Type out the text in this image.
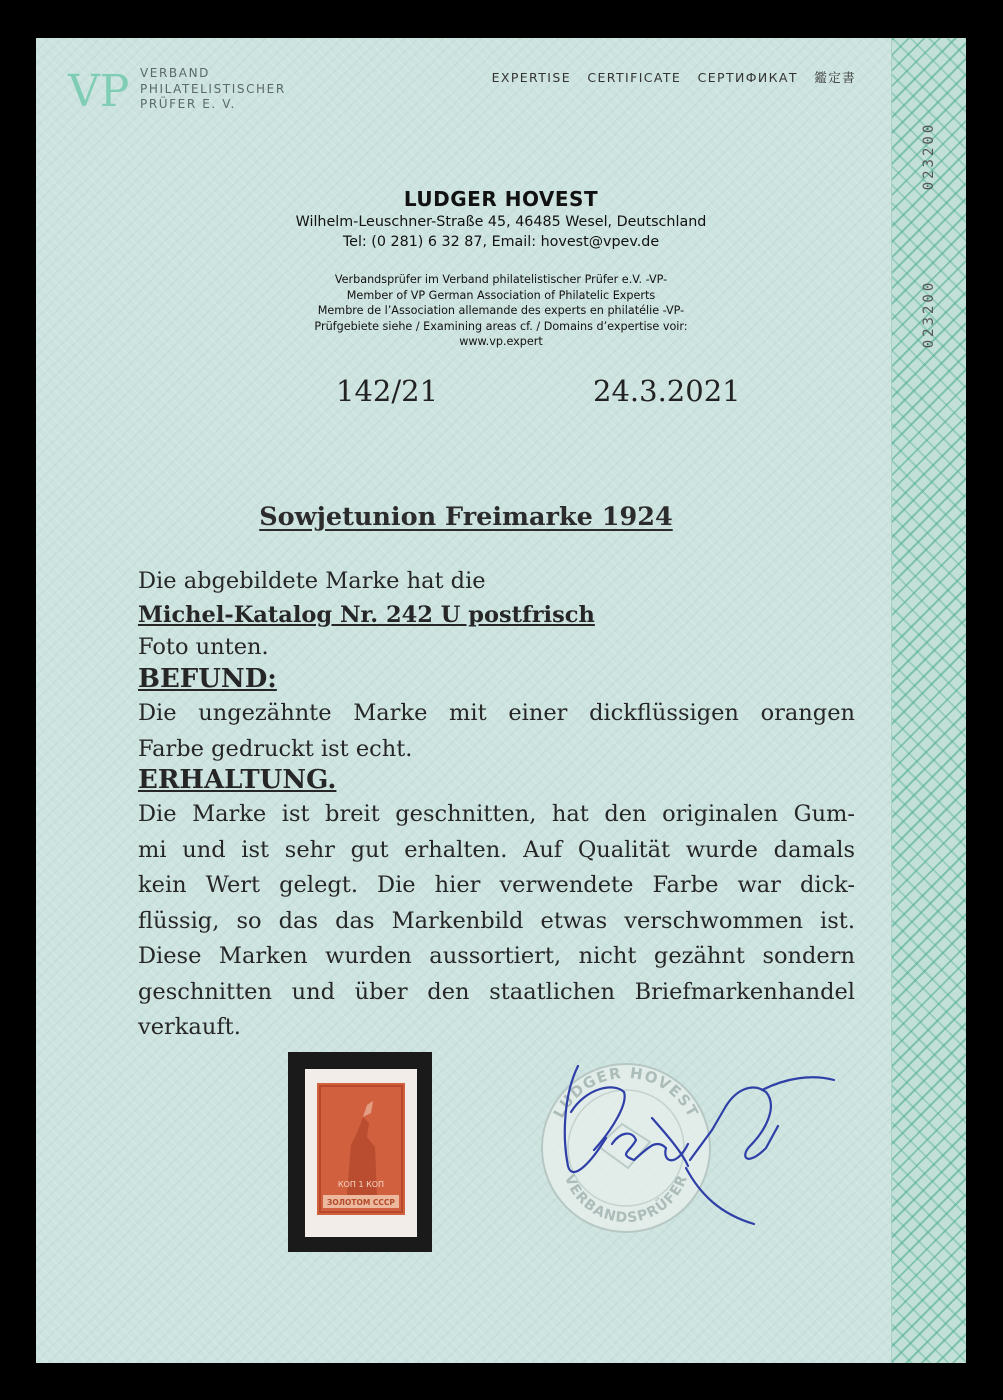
023200
023200
VP VERBAND
PHILATELISTISCHER
PRÜFER E. V.
EXPERTISE CERTIFICATE СЕРТИФИКАТ 鑑定書
LUDGER HOVEST
Wilhelm-Leuschner-Straße 45, 46485 Wesel, Deutschland
Tel: (0 281) 6 32 87, Email: hovest@vpev.de
Verbandsprüfer im Verband philatelistischer Prüfer e.V. -VP-
Member of VP German Association of Philatelic Experts
Membre de l’Association allemande des experts en philatélie -VP-
Prüfgebiete siehe / Examining areas cf. / Domains d’expertise voir:
www.vp.expert
142/21	24.3.2021
Sowjetunion Freimarke 1924
Die abgebildete Marke hat die
Michel-Katalog Nr. 242 U postfrisch
Foto unten.
BEFUND:
Die ungezähnte Marke mit einer dickflüssigen orangen
Farbe gedruckt ist echt.
ERHALTUNG.
Die Marke ist breit geschnitten, hat den originalen Gum-
mi und ist sehr gut erhalten. Auf Qualität wurde damals
kein Wert gelegt. Die hier verwendete Farbe war dick-
flüssig, so das das Markenbild etwas verschwommen ist.
Diese Marken wurden aussortiert, nicht gezähnt sondern
geschnitten und über den staatlichen Briefmarkenhandel
verkauft.
КОП 1 КОП
ЗОЛОТОМ СССР
LUDGER HOVEST
VERBANDSPRÜFER
